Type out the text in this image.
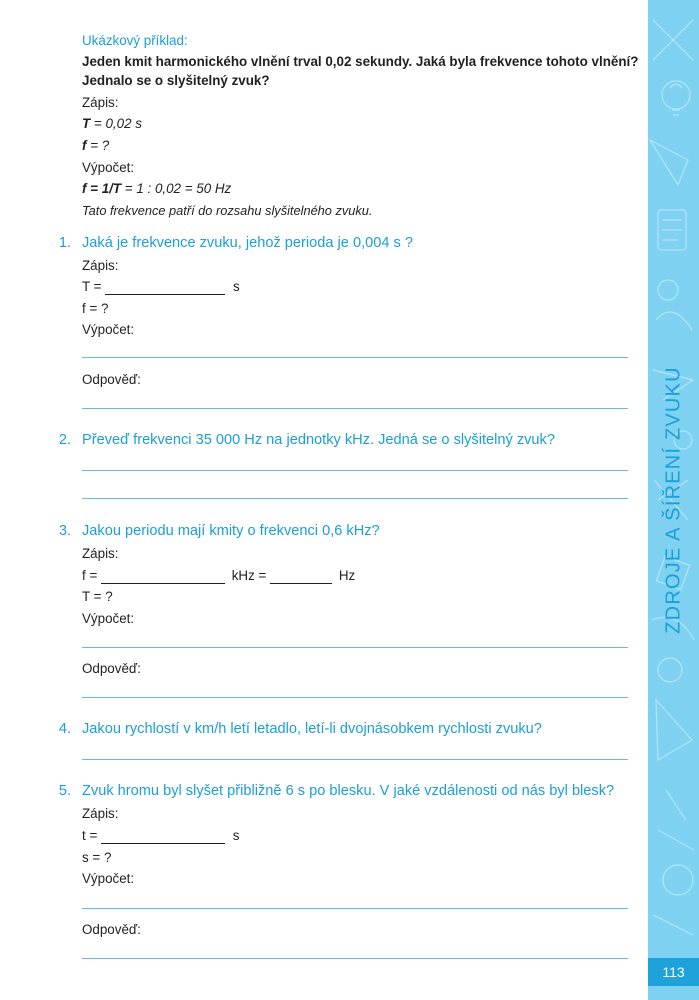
ZDROJE A ŠÍŘENÍ ZVUKU
113
Ukázkový příklad:
Jeden kmit harmonického vlnění trval 0,02 sekundy. Jaká byla frekvence tohoto vlnění?
Jednalo se o slyšitelný zvuk?
Zápis:
T = 0,02 s
f = ?
Výpočet:
f = 1/T = 1 : 0,02 = 50 Hz
Tato frekvence patří do rozsahu slyšitelného zvuku.
1. Jaká je frekvence zvuku, jehož perioda je 0,004 s ?
Zápis:
T =	s
f = ?
Výpočet:
Odpověď:
2. Převeď frekvenci 35 000 Hz na jednotky kHz. Jedná se o slyšitelný zvuk?
3. Jakou periodu mají kmity o frekvenci 0,6 kHz?
Zápis:
f =	kHz =	Hz
T = ?
Výpočet:
Odpověď:
4. Jakou rychlostí v km/h letí letadlo, letí-li dvojnásobkem rychlosti zvuku?
5. Zvuk hromu byl slyšet přibližně 6 s po blesku. V jaké vzdálenosti od nás byl blesk?
Zápis:
t =	s
s = ?
Výpočet:
Odpověď:
